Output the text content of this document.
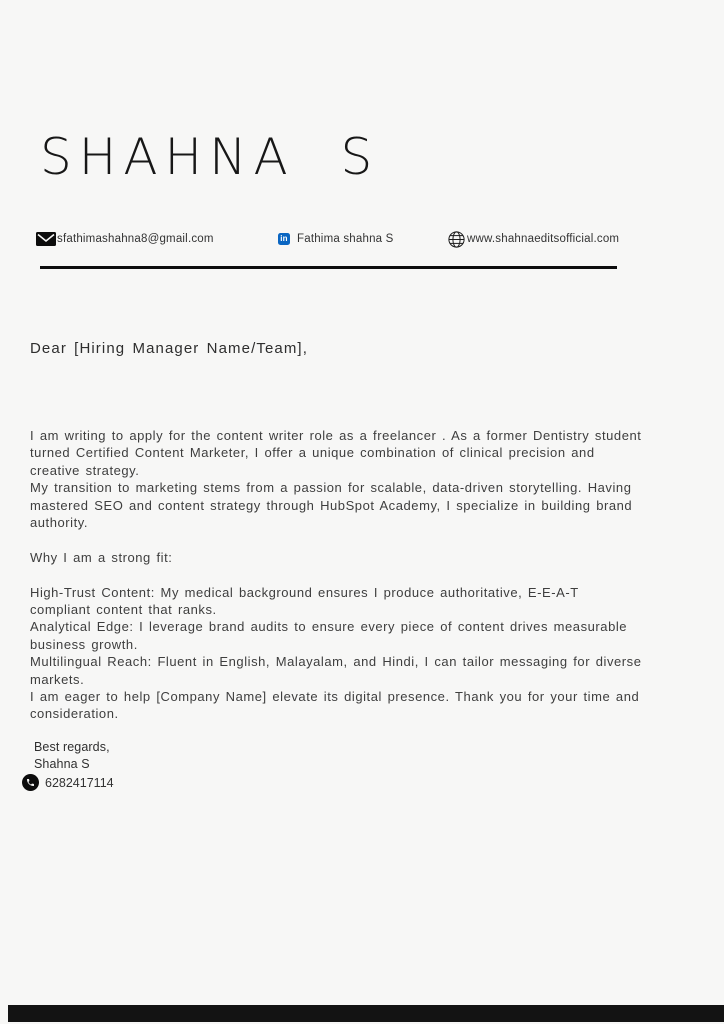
SHAHNA  S
sfathimashahna8@gmail.com	in Fathima shahna S	www.shahnaeditsofficial.com
Dear [Hiring Manager Name/Team],

I am writing to apply for the content writer role as a freelancer . As a former Dentistry student
turned Certified Content Marketer, I offer a unique combination of clinical precision and
creative strategy.

My transition to marketing stems from a passion for scalable, data-driven storytelling. Having
mastered SEO and content strategy through HubSpot Academy, I specialize in building brand
authority.

Why I am a strong fit:

High-Trust Content: My medical background ensures I produce authoritative, E-E-A-T
compliant content that ranks.

Analytical Edge: I leverage brand audits to ensure every piece of content drives measurable
business growth.

Multilingual Reach: Fluent in English, Malayalam, and Hindi, I can tailor messaging for diverse
markets.

I am eager to help [Company Name] elevate its digital presence. Thank you for your time and
consideration.

Best regards,
Shahna S
6282417114
